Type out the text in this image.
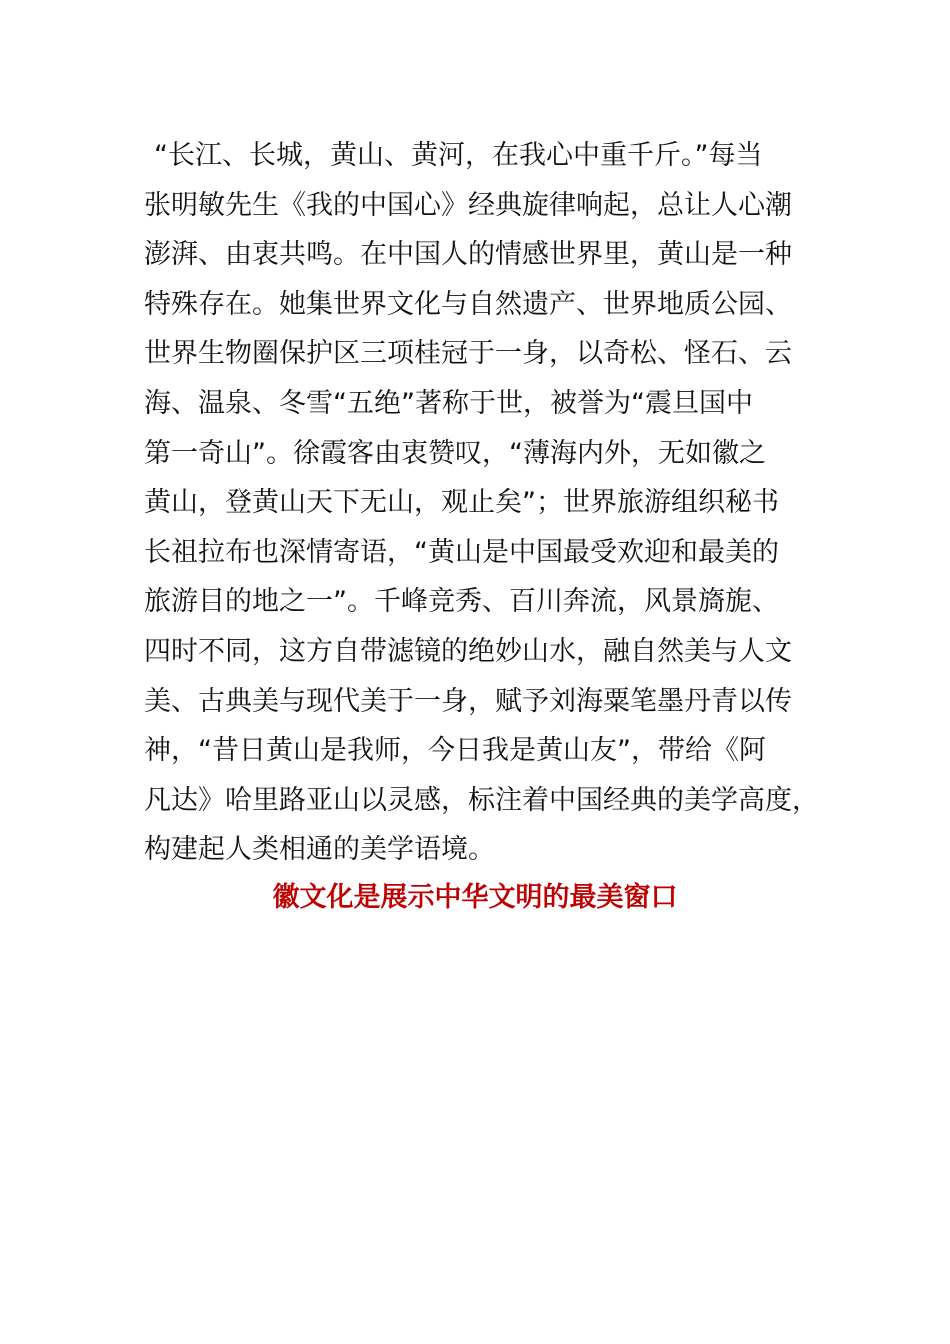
“长江、长城，黄山、黄河，在我心中重千斤。”每当
张明敏先生《我的中国心》经典旋律响起，总让人心潮
澎湃、由衷共鸣。在中国人的情感世界里，黄山是一种
特殊存在。她集世界文化与自然遗产、世界地质公园、
世界生物圈保护区三项桂冠于一身，以奇松、怪石、云
海、温泉、冬雪“五绝”著称于世，被誉为“震旦国中
第一奇山”。徐霞客由衷赞叹，“薄海内外，无如徽之
黄山，登黄山天下无山，观止矣”；世界旅游组织秘书
长祖拉布也深情寄语，“黄山是中国最受欢迎和最美的
旅游目的地之一”。千峰竞秀、百川奔流，风景旖旎、
四时不同，这方自带滤镜的绝妙山水，融自然美与人文
美、古典美与现代美于一身，赋予刘海粟笔墨丹青以传
神，“昔日黄山是我师，今日我是黄山友”，带给《阿
凡达》哈里路亚山以灵感，标注着中国经典的美学高度，
构建起人类相通的美学语境。
徽文化是展示中华文明的最美窗口
